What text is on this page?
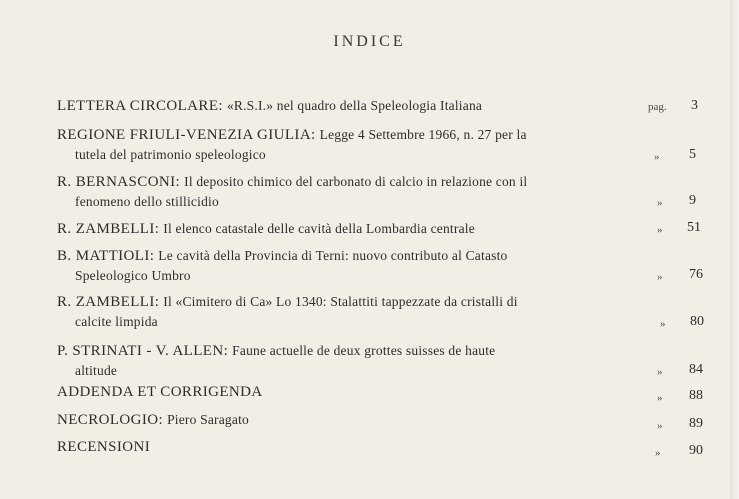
INDICE
LETTERA CIRCOLARE: «R.S.I.» nel quadro della Speleologia Italiana	pag.	3
REGIONE FRIULI-VENEZIA GIULIA: Legge 4 Settembre 1966, n. 27 per la
tutela del patrimonio speleologico	»	5
R. BERNASCONI: Il deposito chimico del carbonato di calcio in relazione con il
fenomeno dello stillicidio	»	9
R. ZAMBELLI: Il elenco catastale delle cavità della Lombardia centrale	»	51
B. MATTIOLI: Le cavità della Provincia di Terni: nuovo contributo al Catasto
Speleologico Umbro	»	76
R. ZAMBELLI: Il «Cimitero di Ca» Lo 1340: Stalattiti tappezzate da cristalli di
calcite limpida	»	80
P. STRINATI - V. ALLEN: Faune actuelle de deux grottes suisses de haute
altitude	»	84
ADDENDA ET CORRIGENDA	»	88
NECROLOGIO: Piero Saragato	»	89
RECENSIONI	»	90
